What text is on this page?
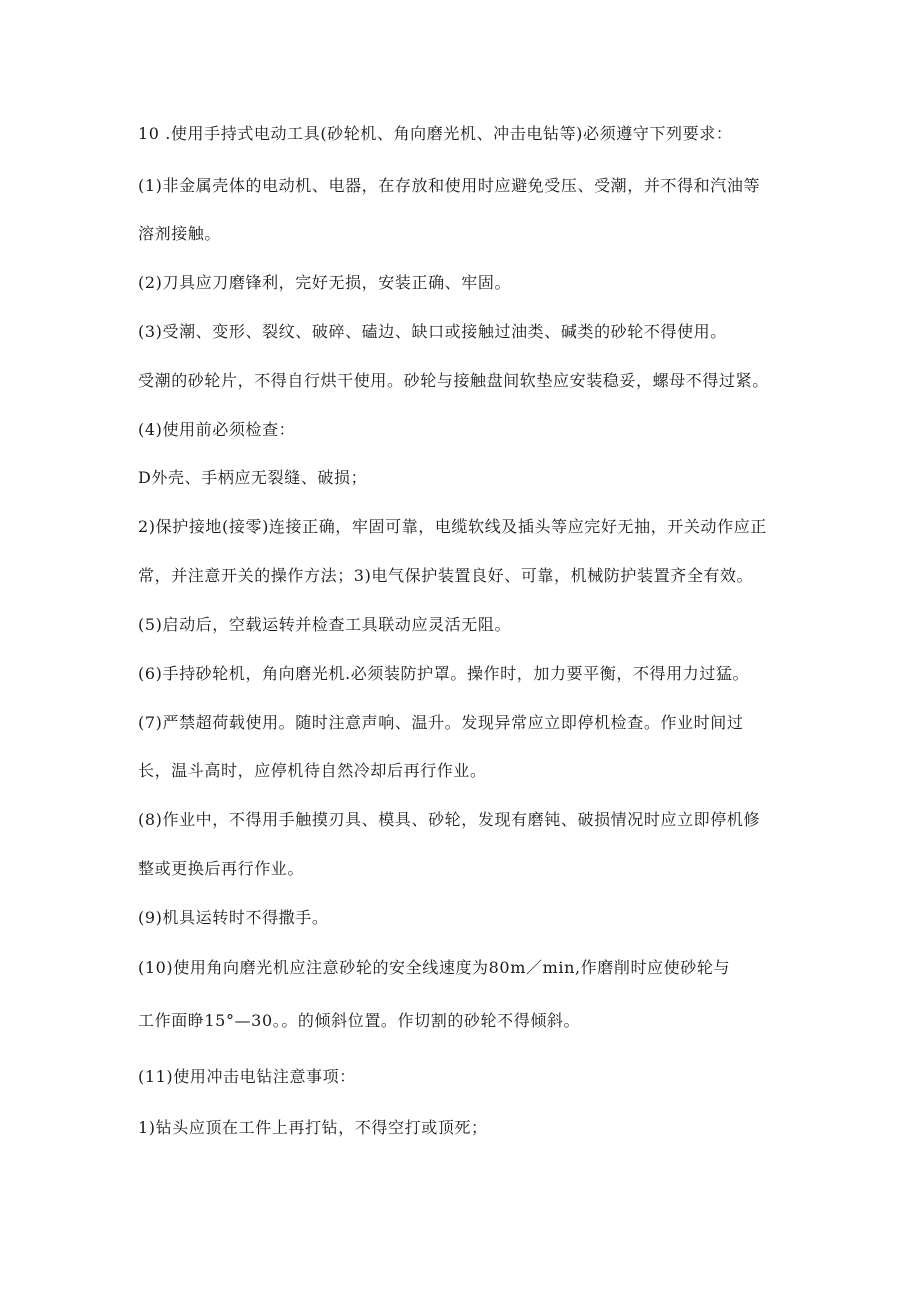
10 .使用手持式电动工具(砂轮机、角向磨光机、冲击电钻等)必须遵守下列要求：

(1)非金属壳体的电动机、电器，在存放和使用时应避免受压、受潮，并不得和汽油等

溶剂接触。

(2)刀具应刀磨锋利，完好无损，安装正确、牢固。

(3)受潮、变形、裂纹、破碎、磕边、缺口或接触过油类、碱类的砂轮不得使用。

受潮的砂轮片，不得自行烘干使用。砂轮与接触盘间软垫应安装稳妥，螺母不得过紧。

(4)使用前必须检查：

D外壳、手柄应无裂缝、破损；

2)保护接地(接零)连接正确，牢固可靠，电缆软线及插头等应完好无抽，开关动作应正

常，并注意开关的操作方法；3)电气保护装置良好、可靠，机械防护装置齐全有效。

(5)启动后，空载运转并检查工具联动应灵活无阻。

(6)手持砂轮机，角向磨光机.必须装防护罩。操作时，加力要平衡，不得用力过猛。

(7)严禁超荷载使用。随时注意声响、温升。发现异常应立即停机检查。作业时间过

长，温斗高时，应停机待自然冷却后再行作业。

(8)作业中，不得用手触摸刃具、模具、砂轮，发现有磨钝、破损情况时应立即停机修

整或更换后再行作业。

(9)机具运转时不得撒手。

(10)使用角向磨光机应注意砂轮的安全线速度为80m／min,作磨削时应使砂轮与

工作面睁15°—30。。的倾斜位置。作切割的砂轮不得倾斜。

(11)使用冲击电钻注意事项：

1)钻头应顶在工件上再打钻，不得空打或顶死；
